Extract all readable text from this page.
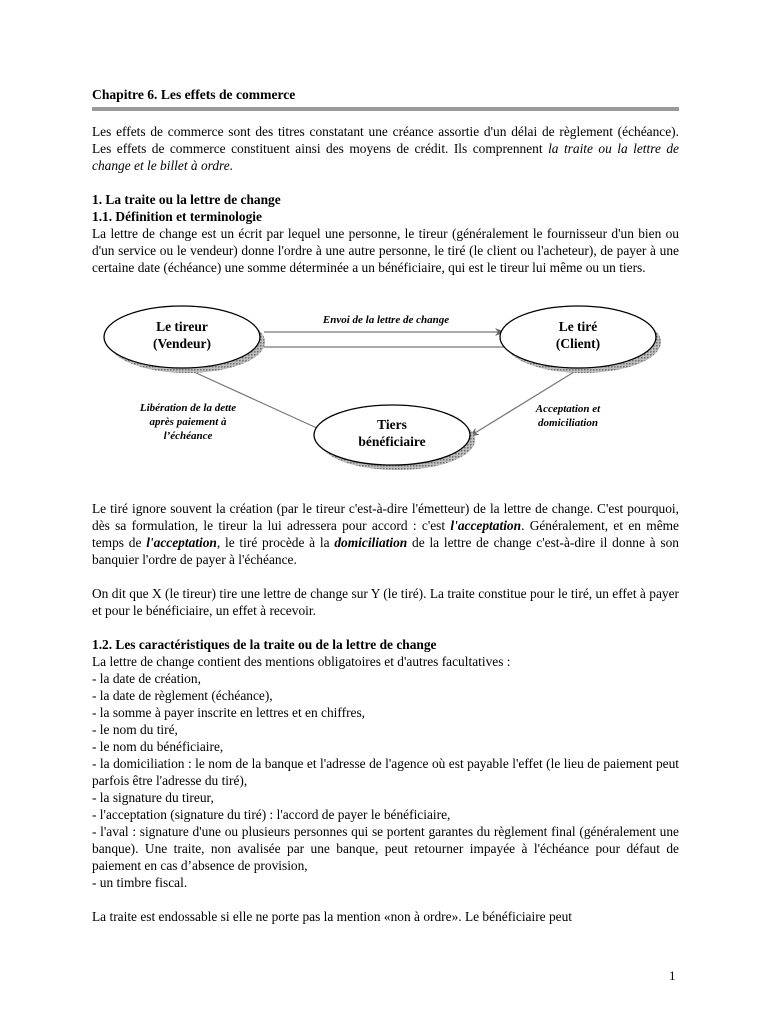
Chapitre 6. Les effets de commerce

Les effets de commerce sont des titres constatant une créance assortie d'un délai de règlement (échéance). Les effets de commerce constituent ainsi des moyens de crédit. Ils comprennent la traite ou la lettre de change et le billet à ordre.

1. La traite ou la lettre de change

1.1. Définition et terminologie

La lettre de change est un écrit par lequel une personne, le tireur (généralement le fournisseur d'un bien ou d'un service ou le vendeur) donne l'ordre à une autre personne, le tiré (le client ou l'acheteur), de payer à une certaine date (échéance) une somme déterminée a un bénéficiaire, qui est le tireur lui même ou un tiers.

Le tiré ignore souvent la création (par le tireur c'est-à-dire l'émetteur) de la lettre de change. C'est pourquoi, dès sa formulation, le tireur la lui adressera pour accord : c'est l'acceptation. Généralement, et en même temps de l'acceptation, le tiré procède à la domiciliation de la lettre de change c'est-à-dire il donne à son banquier l'ordre de payer à l'échéance.

On dit que X (le tireur) tire une lettre de change sur Y (le tiré). La traite constitue pour le tiré, un effet à payer et pour le bénéficiaire, un effet à recevoir.

1.2. Les caractéristiques de la traite ou de la lettre de change

La lettre de change contient des mentions obligatoires et d'autres facultatives :

- la date de création,
- la date de règlement (échéance),
- la somme à payer inscrite en lettres et en chiffres,
- le nom du tiré,
- le nom du bénéficiaire,
- la domiciliation : le nom de la banque et l'adresse de l'agence où est payable l'effet (le lieu de paiement peut parfois être l'adresse du tiré),
- la signature du tireur,
- l'acceptation (signature du tiré) : l'accord de payer le bénéficiaire,
- l'aval : signature d'une ou plusieurs personnes qui se portent garantes du règlement final (généralement une banque). Une traite, non avalisée par une banque, peut retourner impayée à l'échéance pour défaut de paiement en cas d’absence de provision,
- un timbre fiscal.

La traite est endossable si elle ne porte pas la mention «non à ordre». Le bénéficiaire peut

Le tireur
(Vendeur)
Le tiré
(Client)
Tiers
bénéficiaire
Envoi de la lettre de change
Libération de la dette
après paiement à
l’échéance
Acceptation et
domiciliation
1
